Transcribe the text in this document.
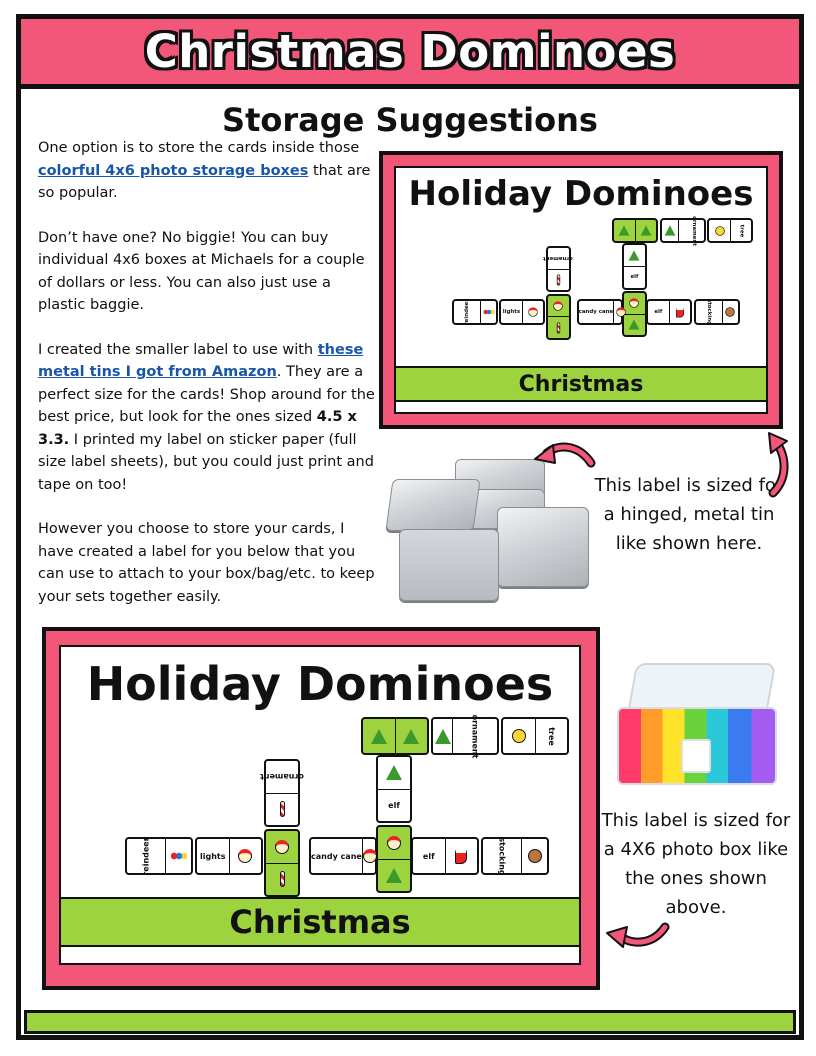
Christmas Dominoes
Storage Suggestions

One option is to store the cards inside those colorful 4x6 photo storage boxes that are so popular.

Don’t have one? No biggie! You can buy individual 4x6 boxes at Michaels for a couple of dollars or less. You can also just use a plastic baggie.

I created the smaller label to use with these metal tins I got from Amazon. They are a perfect size for the cards! Shop around for the best price, but look for the ones sized 4.5 x 3.3. I printed my label on sticker paper (full size label sheets), but you could just print and tape on too!

However you choose to store your cards, I have created a label for you below that you can use to attach to your box/bag/etc. to keep your sets together easily.

Holiday Dominoes
ornament	tree
elf
ornament
reindeer	lights	candy cane	elf	stocking
Christmas
Holiday Dominoes
ornament	tree
elf
ornament
reindeer	lights	candy cane	elf	stocking
Christmas
This label is sized for a hinged, metal tin like shown here.
This label is sized for a 4X6 photo box like the ones shown above.
